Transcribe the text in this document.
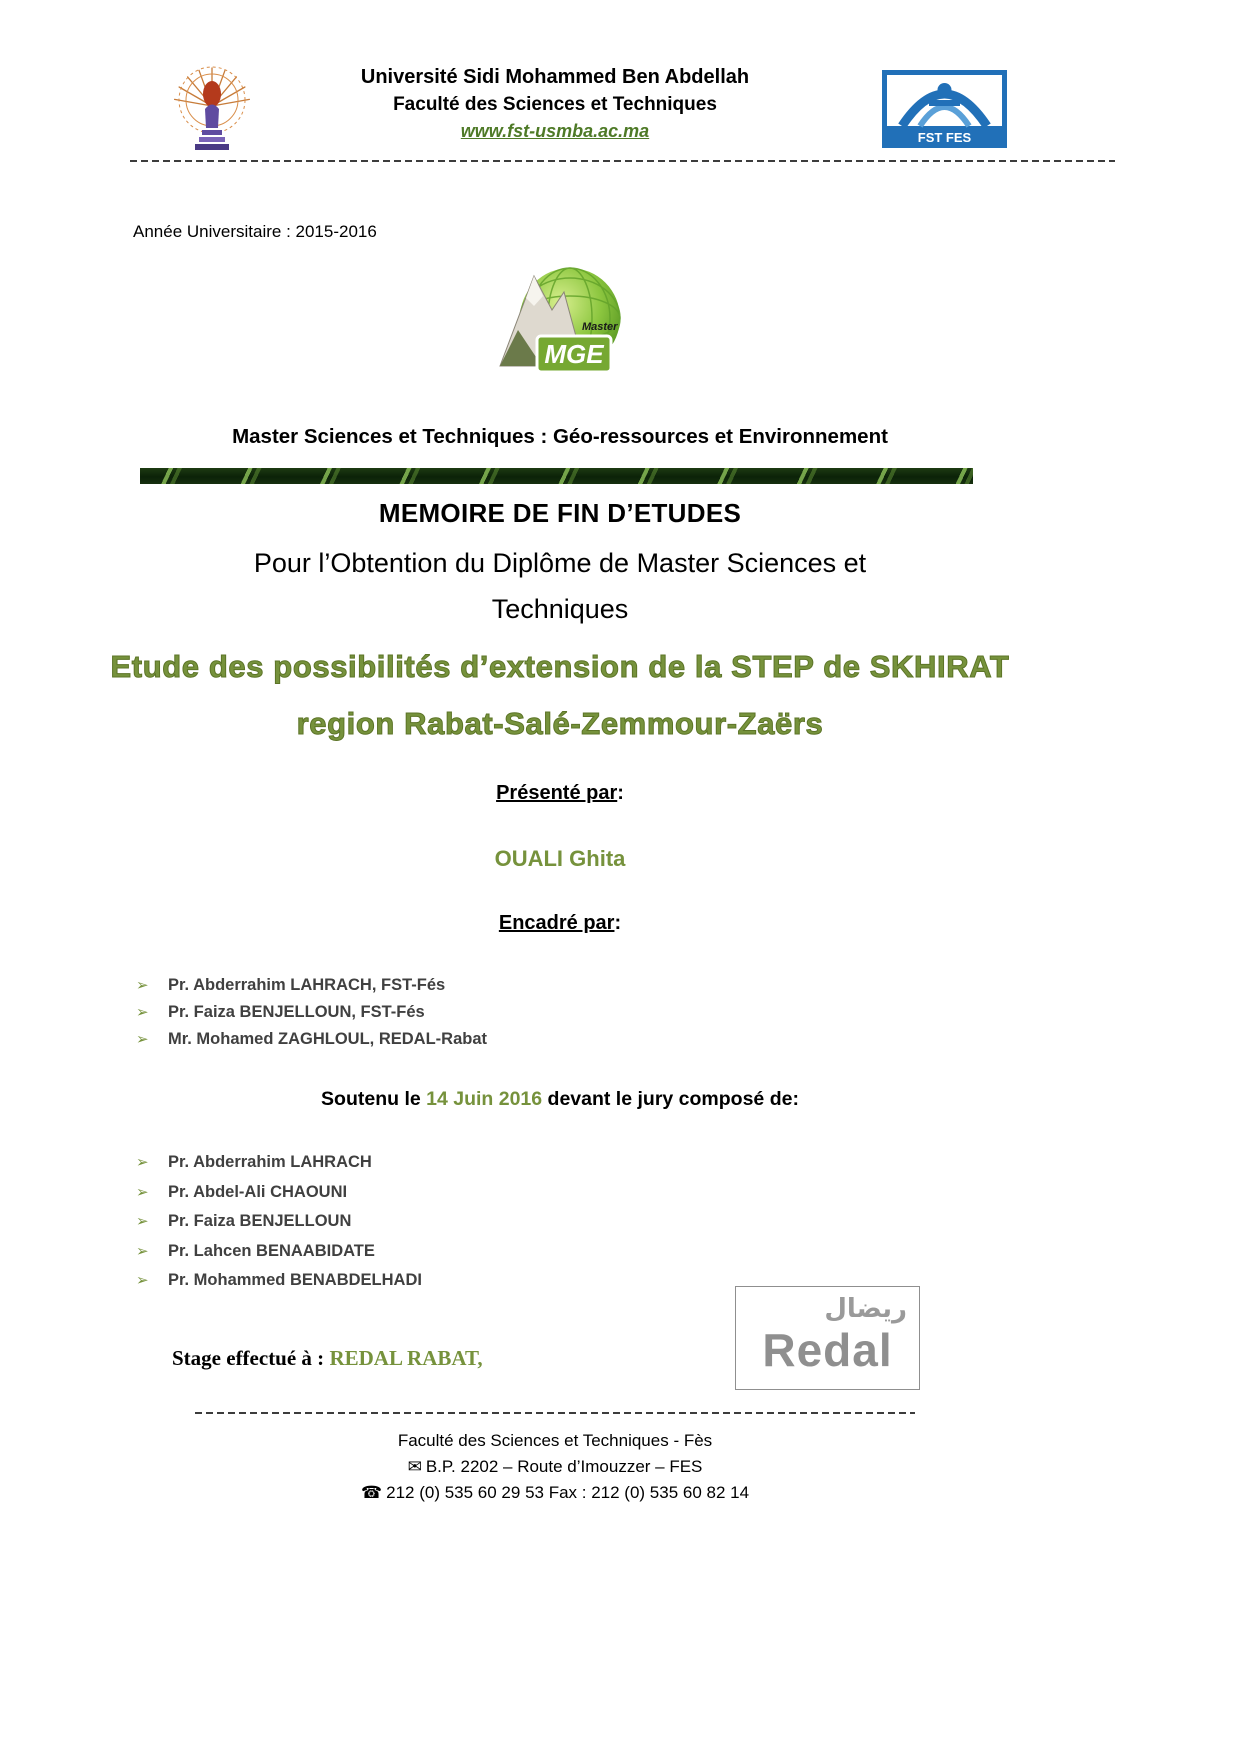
Université Sidi Mohammed Ben Abdellah
Faculté des Sciences et Techniques
www.fst-usmba.ac.ma	FST FES
Année Universitaire : 2015-2016
Master
MGE
Master Sciences et Techniques : Géo-ressources et Environnement
MEMOIRE DE FIN D’ETUDES
Pour l’Obtention du Diplôme de Master Sciences et
Techniques
Etude des possibilités d’extension de la STEP de SKHIRAT
region Rabat-Salé-Zemmour-Zaërs
Présenté par:
OUALI Ghita
Encadré par:
➢	Pr. Abderrahim LAHRACH, FST-Fés
➢	Pr. Faiza BENJELLOUN, FST-Fés
➢	Mr. Mohamed ZAGHLOUL, REDAL-Rabat
Soutenu le 14 Juin 2016 devant le jury composé de:
➢	Pr. Abderrahim LAHRACH
➢	Pr. Abdel-Ali CHAOUNI
➢	Pr. Faiza BENJELLOUN
➢	Pr. Lahcen BENAABIDATE
➢	Pr. Mohammed BENABDELHADI
Stage effectué à : REDAL RABAT,
ريضال
Redal
Faculté des Sciences et Techniques - Fès
✉ B.P. 2202 – Route d’Imouzzer – FES
☎ 212 (0) 535 60 29 53 Fax : 212 (0) 535 60 82 14
